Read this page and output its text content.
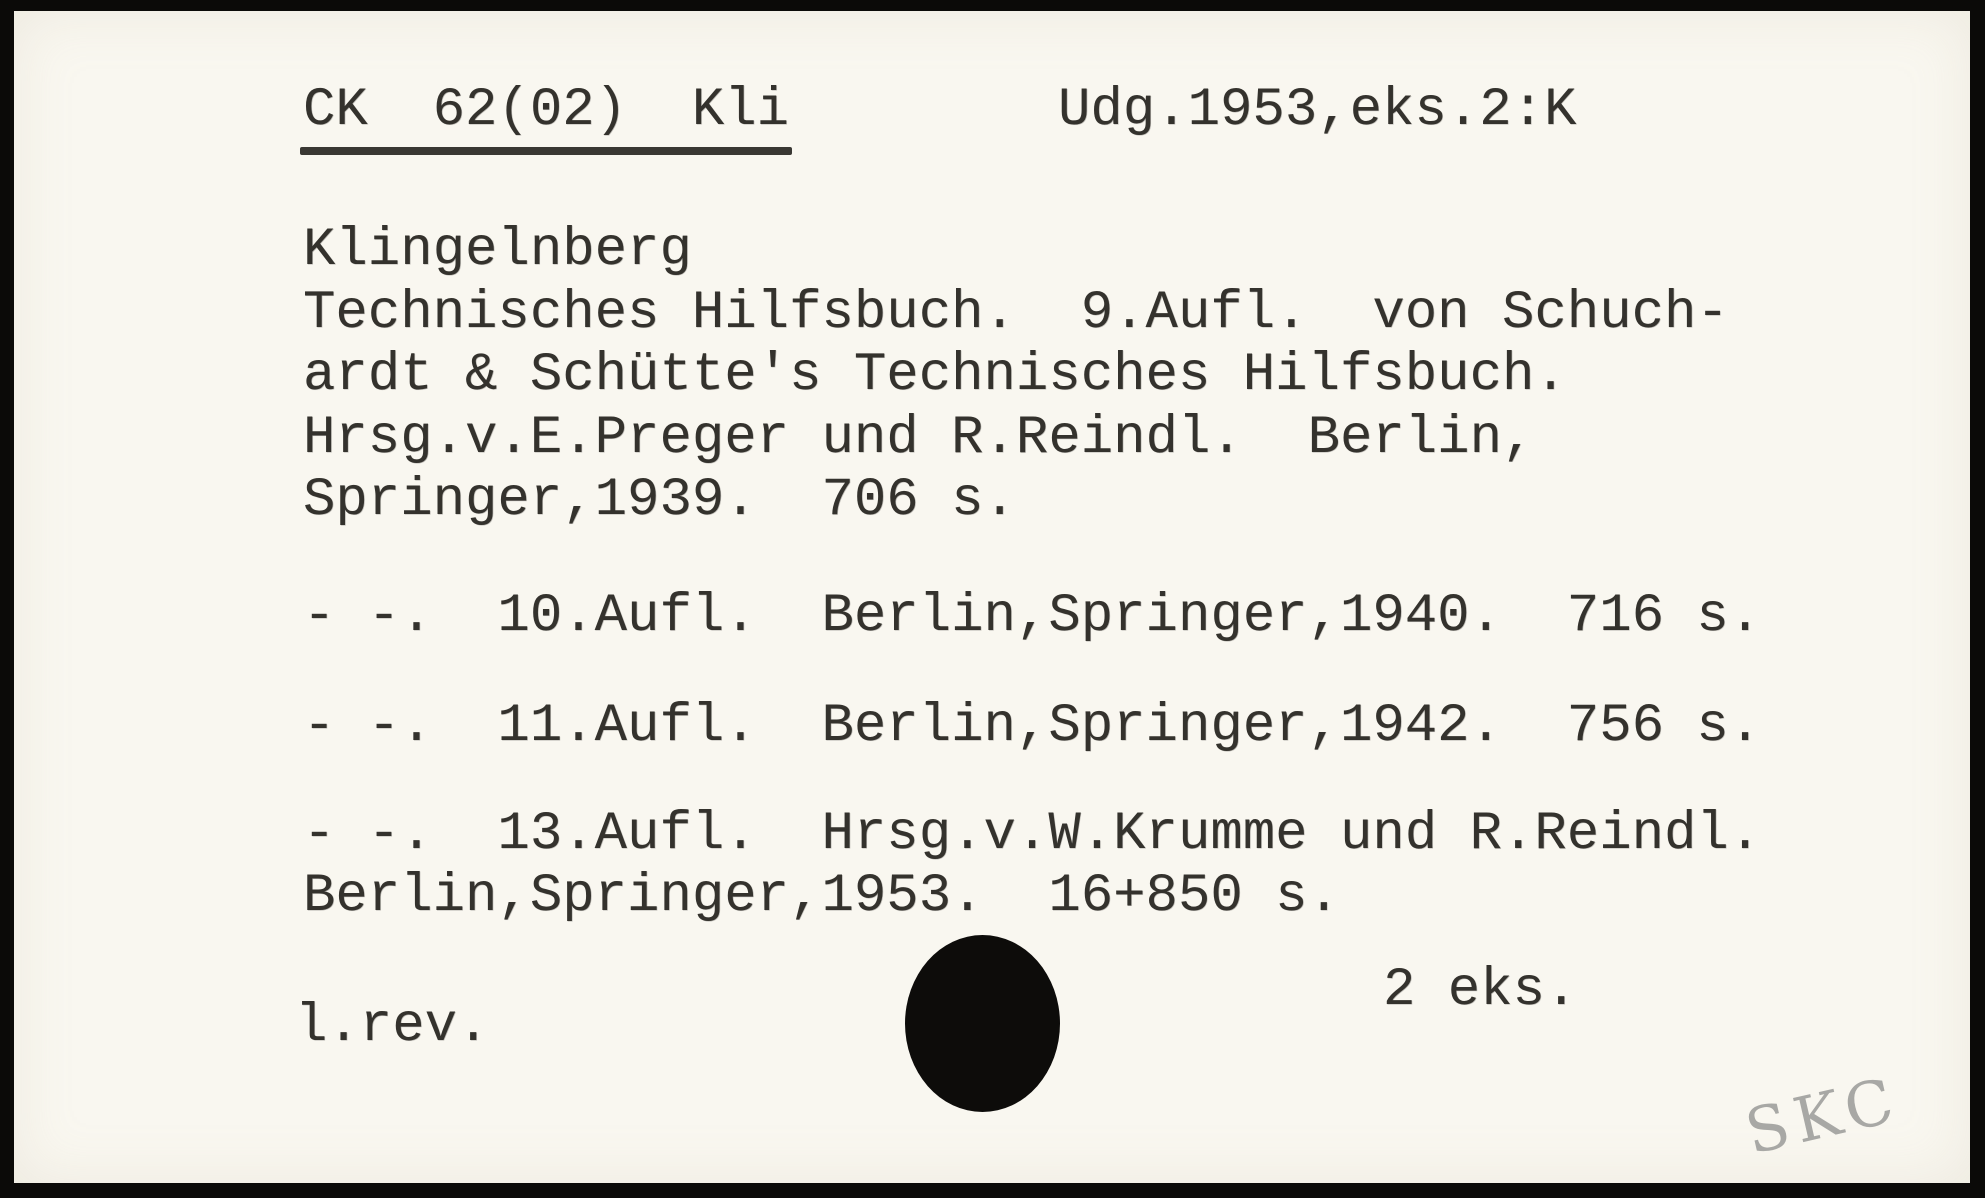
CK  62(02)  Kli	Udg.1953,eks.2:K
Klingelnberg
Technisches Hilfsbuch.  9.Aufl.  von Schuch-
ardt & Schütte's Technisches Hilfsbuch.
Hrsg.v.E.Preger und R.Reindl.  Berlin,
Springer,1939.  706 s.
- -.  10.Aufl.  Berlin,Springer,1940.  716 s.
- -.  11.Aufl.  Berlin,Springer,1942.  756 s.
- -.  13.Aufl.  Hrsg.v.W.Krumme und R.Reindl.
Berlin,Springer,1953.  16+850 s.
2 eks.
l.rev.
SKC
